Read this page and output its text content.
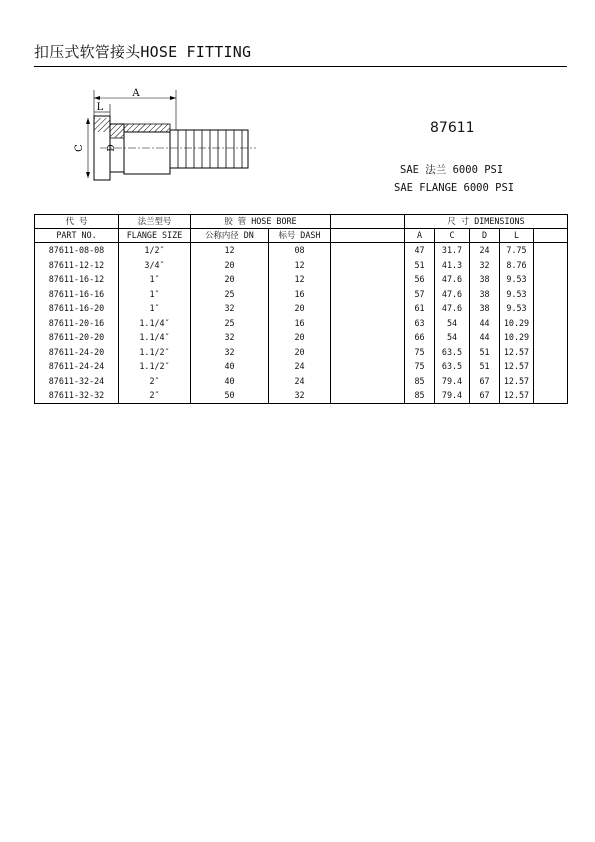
扣压式软管接头HOSE FITTING
A
L
C D
87611
SAE 法兰 6000 PSI
SAE FLANGE 6000 PSI
代 号	法兰型号	胶 管 HOSE BORE			尺 寸 DIMENSIONS				
PART NO.	FLANGE SIZE	公称内径 DN	标号 DASH		A	C	D	L	
87611-08-08	1/2″	12	08		47	31.7	24	7.75	
87611-12-12	3/4″	20	12		51	41.3	32	8.76	
87611-16-12	1″	20	12		56	47.6	38	9.53	
87611-16-16	1″	25	16		57	47.6	38	9.53	
87611-16-20	1″	32	20		61	47.6	38	9.53	
87611-20-16	1.1/4″	25	16		63	54	44	10.29	
87611-20-20	1.1/4″	32	20		66	54	44	10.29	
87611-24-20	1.1/2″	32	20		75	63.5	51	12.57	
87611-24-24	1.1/2″	40	24		75	63.5	51	12.57	
87611-32-24	2″	40	24		85	79.4	67	12.57	
87611-32-32	2″	50	32		85	79.4	67	12.57	
